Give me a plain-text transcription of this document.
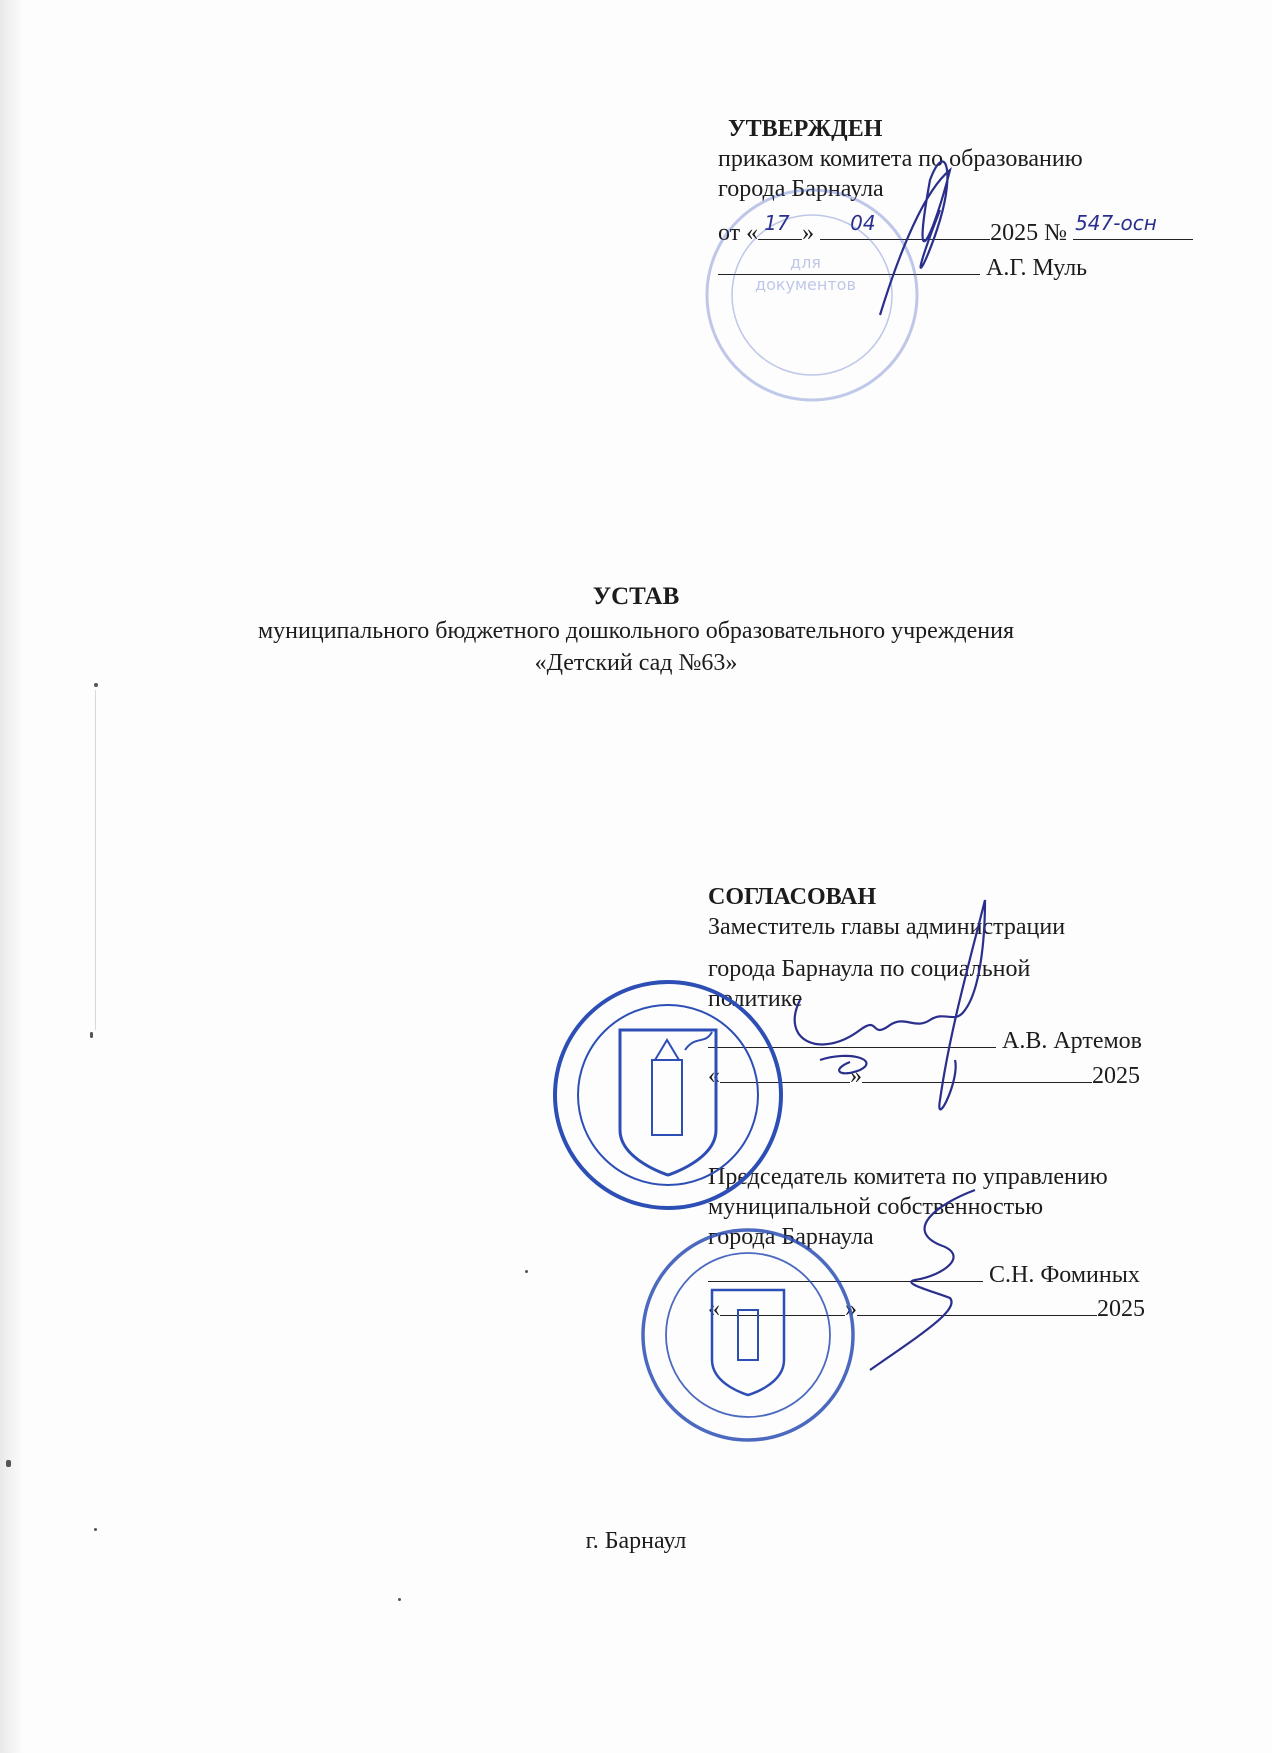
УТВЕРЖДЕН
приказом комитета по образованию
города Барнаула
от « 17 » 04	2025 № 547-осн
А.Г. Муль
УСТАВ
муниципального бюджетного дошкольного образовательного учреждения
«Детский сад №63»
СОГЛАСОВАН
Заместитель главы администрации
города Барнаула по социальной
политике
А.В. Артемов
«	»	2025
Председатель комитета по управлению
муниципальной собственностью
города Барнаула
С.Н. Фоминых
«	»	2025
г. Барнаул
для
документов
